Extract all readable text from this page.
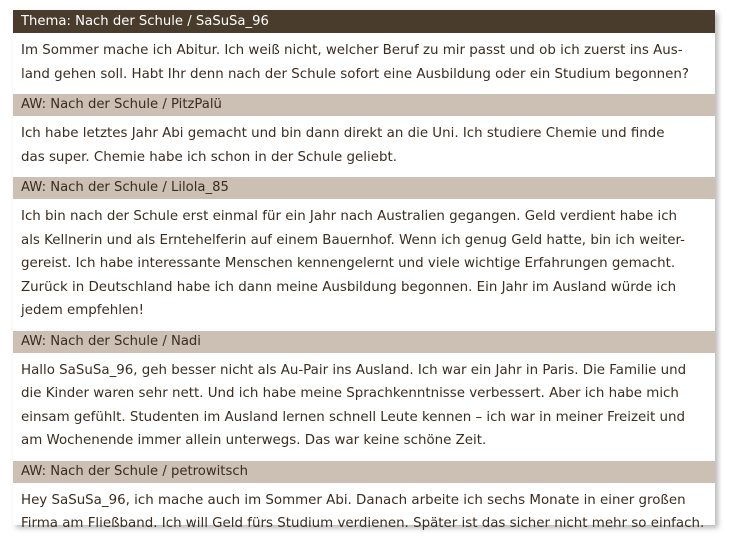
Thema: Nach der Schule / SaSuSa_96
Im Sommer mache ich Abitur. Ich weiß nicht, welcher Beruf zu mir passt und ob ich zuerst ins Aus-
land gehen soll. Habt Ihr denn nach der Schule sofort eine Ausbildung oder ein Studium begonnen?
AW: Nach der Schule / PitzPalü
Ich habe letztes Jahr Abi gemacht und bin dann direkt an die Uni. Ich studiere Chemie und finde
das super. Chemie habe ich schon in der Schule geliebt.
AW: Nach der Schule / Lilola_85
Ich bin nach der Schule erst einmal für ein Jahr nach Australien gegangen. Geld verdient habe ich
als Kellnerin und als Erntehelferin auf einem Bauernhof. Wenn ich genug Geld hatte, bin ich weiter-
gereist. Ich habe interessante Menschen kennengelernt und viele wichtige Erfahrungen gemacht.
Zurück in Deutschland habe ich dann meine Ausbildung begonnen. Ein Jahr im Ausland würde ich
jedem empfehlen!
AW: Nach der Schule / Nadi
Hallo SaSuSa_96, geh besser nicht als Au-Pair ins Ausland. Ich war ein Jahr in Paris. Die Familie und
die Kinder waren sehr nett. Und ich habe meine Sprachkenntnisse verbessert. Aber ich habe mich
einsam gefühlt. Studenten im Ausland lernen schnell Leute kennen – ich war in meiner Freizeit und
am Wochenende immer allein unterwegs. Das war keine schöne Zeit.
AW: Nach der Schule / petrowitsch
Hey SaSuSa_96, ich mache auch im Sommer Abi. Danach arbeite ich sechs Monate in einer großen
Firma am Fließband. Ich will Geld fürs Studium verdienen. Später ist das sicher nicht mehr so einfach.
